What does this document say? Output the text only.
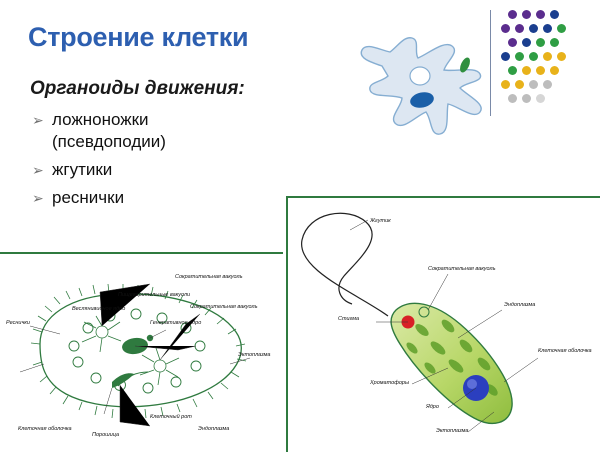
Строение клетки
Органоиды движения:
➢ ложноножки
(псевдоподии)
➢ жгутики
➢ реснички
Сократительная вакуоль
Пищеварительные вакуоли
Сократительная вакуоль
Веслянивидное ядро
Реснички
Эктоплазма
Генеративное ядро
Клеточный рот
Эндоплазма
Порошица
Клеточная оболочка
Жгутик
Сократительная вакуоль
Эндоплазма
Стигма
Клеточная оболочка
Хроматофоры
Ядро
Эктоплазма
